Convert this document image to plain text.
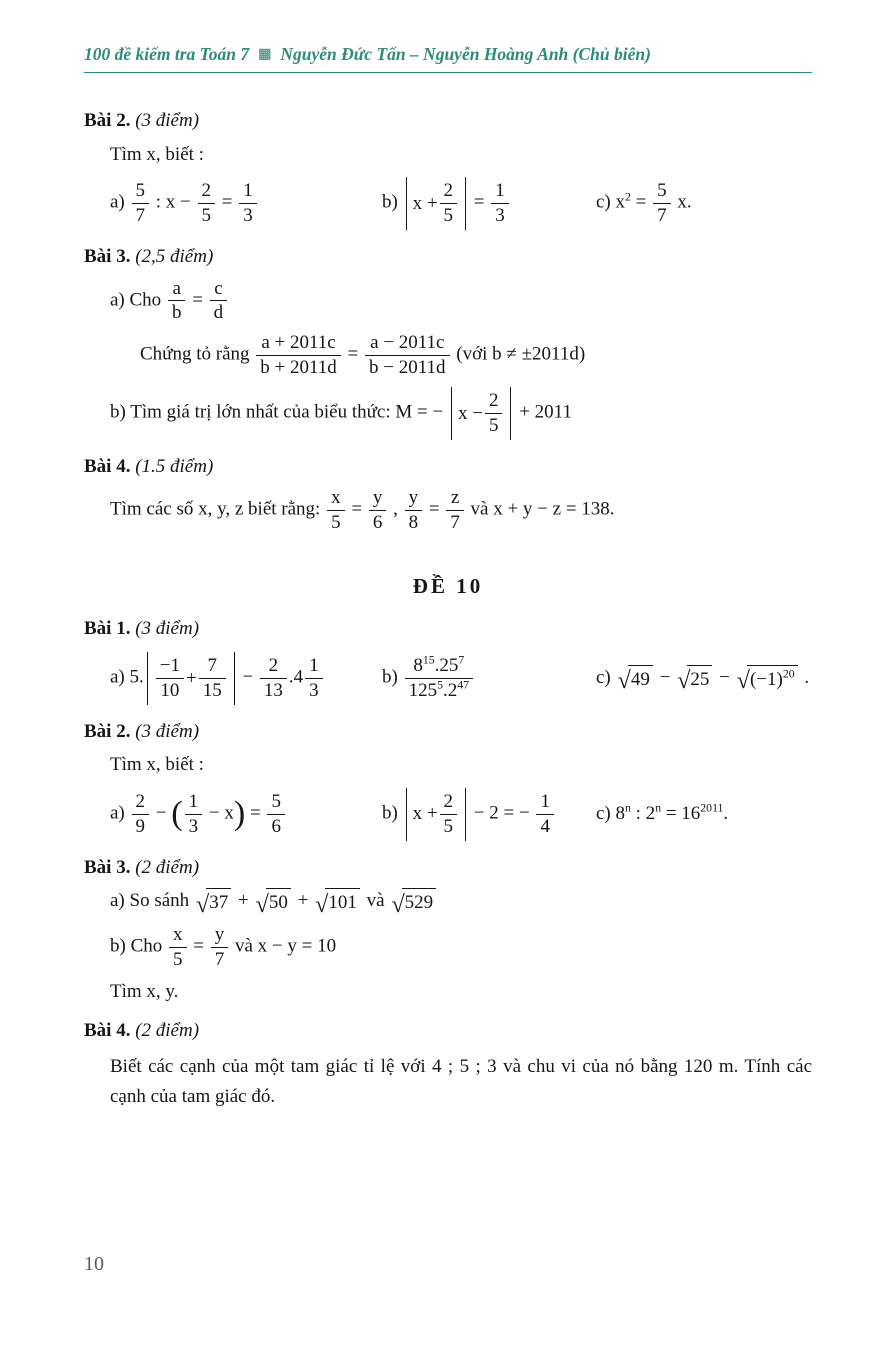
100 đề kiểm tra Toán 7 ▦ Nguyễn Đức Tấn – Nguyễn Hoàng Anh (Chủ biên)
Bài 2. (3 điểm)
Tìm x, biết :
$a) \frac{5}{7}$ : $x - \frac{2}{5} = \frac{1}{3}$	b) $x + \frac{2}{5} = \frac{1}{3}$	c) $x^2 = \frac{5}{7} x$.
Bài 3. (2,5 điểm)
a) Cho $\frac{a}{b} = \frac{c}{d}$
Chứng tỏ rằng $\frac{a + 2011c}{b + 2011d} = \frac{a - 2011c}{b - 2011d}$ (với b ≠ ±2011d)
b) Tìm giá trị lớn nhất của biểu thức: M = − $x - \frac{2}{5} + 2011$
Bài 4. (1.5 điểm)
Tìm các số x, y, z biết rằng: $\frac{x}{5} = \frac{y}{6}$ , $\frac{y}{8} = \frac{z}{7}$ và x + y − z = 138.
ĐỀ 10
Bài 1. (3 điểm)
a) 5. $\frac{-1}{10} + \frac{7}{15} - \frac{2}{13} .4 \frac{1}{3}$	$b) \frac{8^{15}.25^7}{125^5.2^{47}}$	c) √ 49 − √ 25 − √ $(-1)^{20}$ .
Bài 2. (3 điểm)
Tìm x, biết :
$a) \frac{2}{9}$ − ( $\frac{1}{3} - x$ ) = $\frac{5}{6}$	b) $x + \frac{2}{5} - 2$ = − $\frac{1}{4} c$) 8$^n$ : $2^n = 16^{2011}$.
Bài 3. (2 điểm)
a) So sánh √ 37 + √ 50 + √ 101 và √ 529
b) Cho $\frac{x}{5} = \frac{y}{7}$ và x − y = 10
Tìm x, y.
Bài 4. (2 điểm)
Biết các cạnh của một tam giác tỉ lệ với 4 ; 5 ; 3 và chu vi của nó bằng 120 m. Tính các cạnh của tam giác đó.
10
